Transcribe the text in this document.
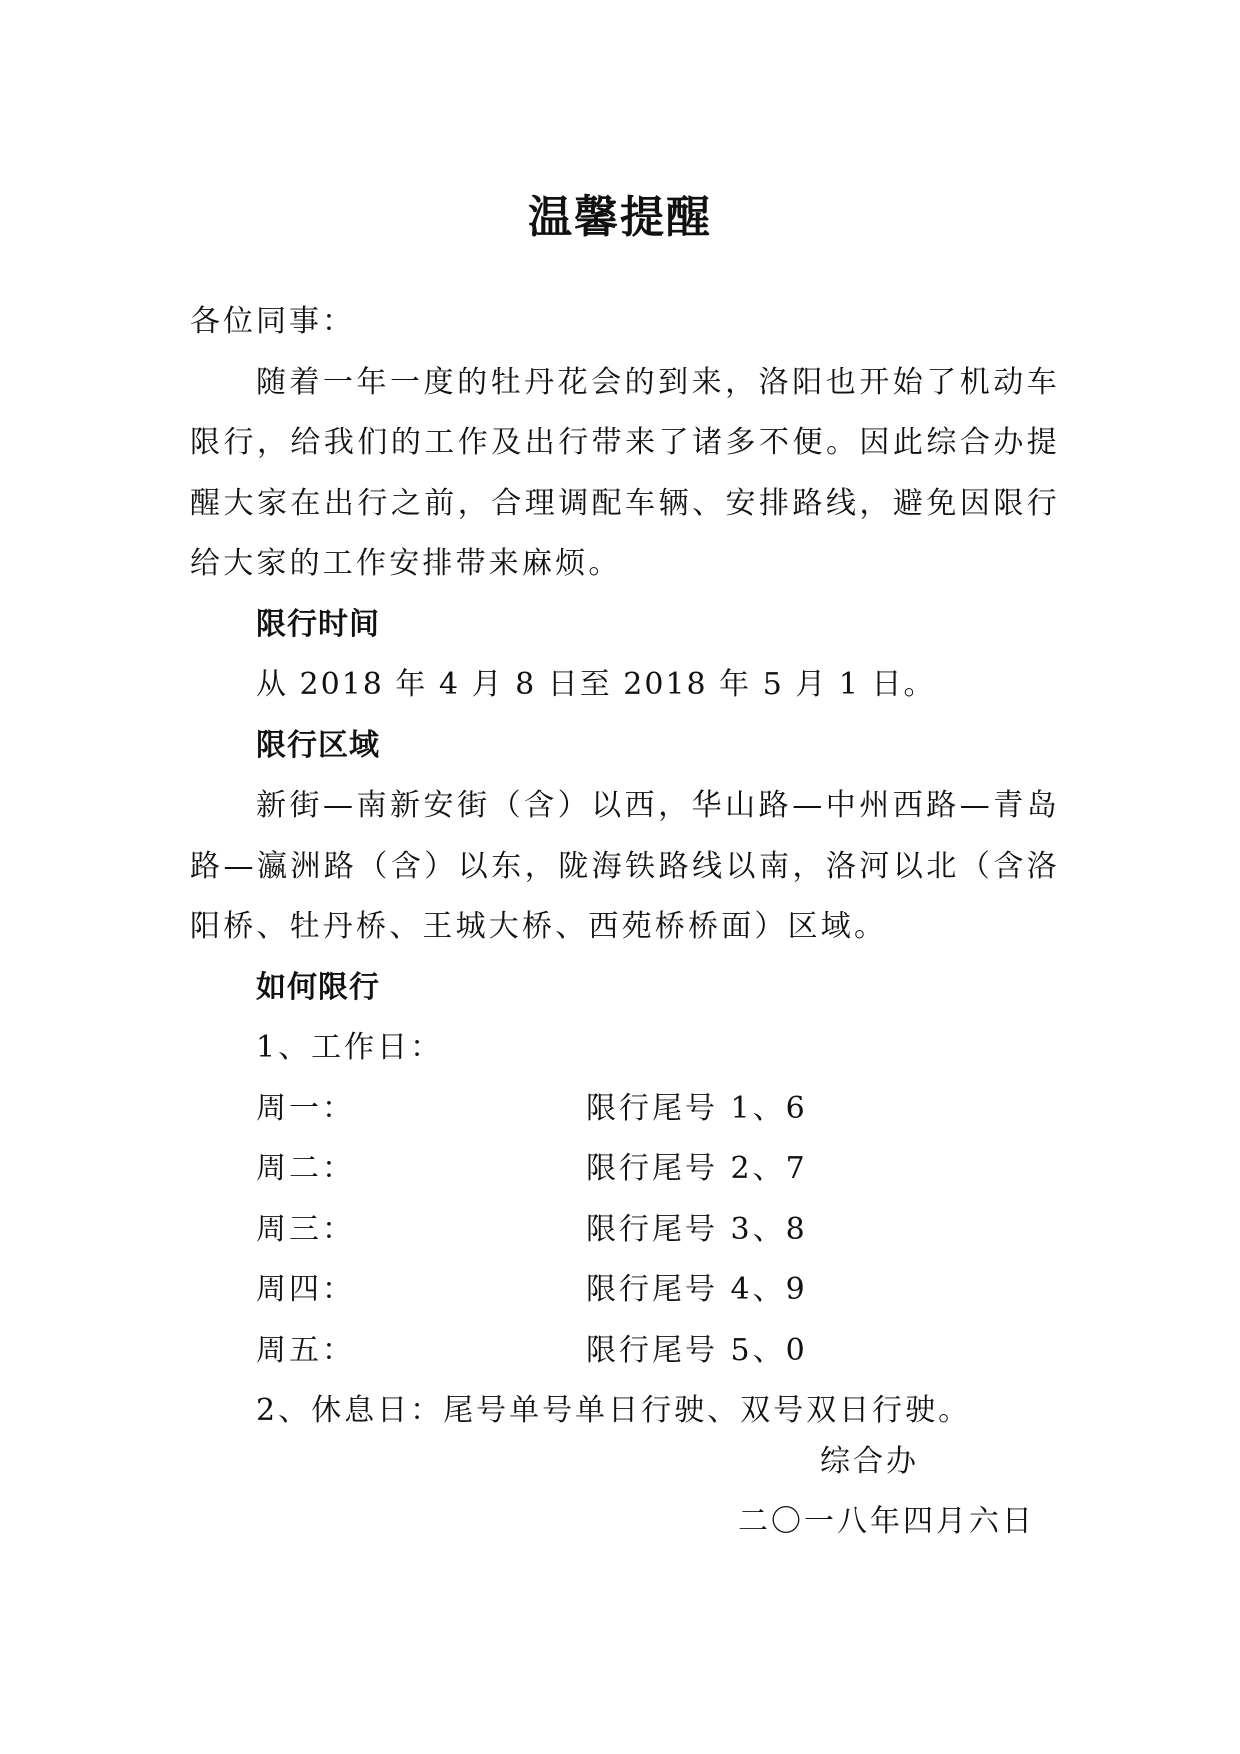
温馨提醒
各位同事：
随着一年一度的牡丹花会的到来，洛阳也开始了机动车限行，给我们的工作及出行带来了诸多不便。因此综合办提醒大家在出行之前，合理调配车辆、安排路线，避免因限行给大家的工作安排带来麻烦。
限行时间
从 2018 年 4 月 8 日至 2018 年 5 月 1 日。
限行区域
新街—南新安街（含）以西，华山路—中州西路—青岛路—瀛洲路（含）以东，陇海铁路线以南，洛河以北（含洛阳桥、牡丹桥、王城大桥、西苑桥桥面）区域。
如何限行
1、工作日：
周一：	限行尾号 1、6
周二：	限行尾号 2、7
周三：	限行尾号 3、8
周四：	限行尾号 4、9
周五：	限行尾号 5、0
2、休息日：尾号单号单日行驶、双号双日行驶。
综合办
二〇一八年四月六日
